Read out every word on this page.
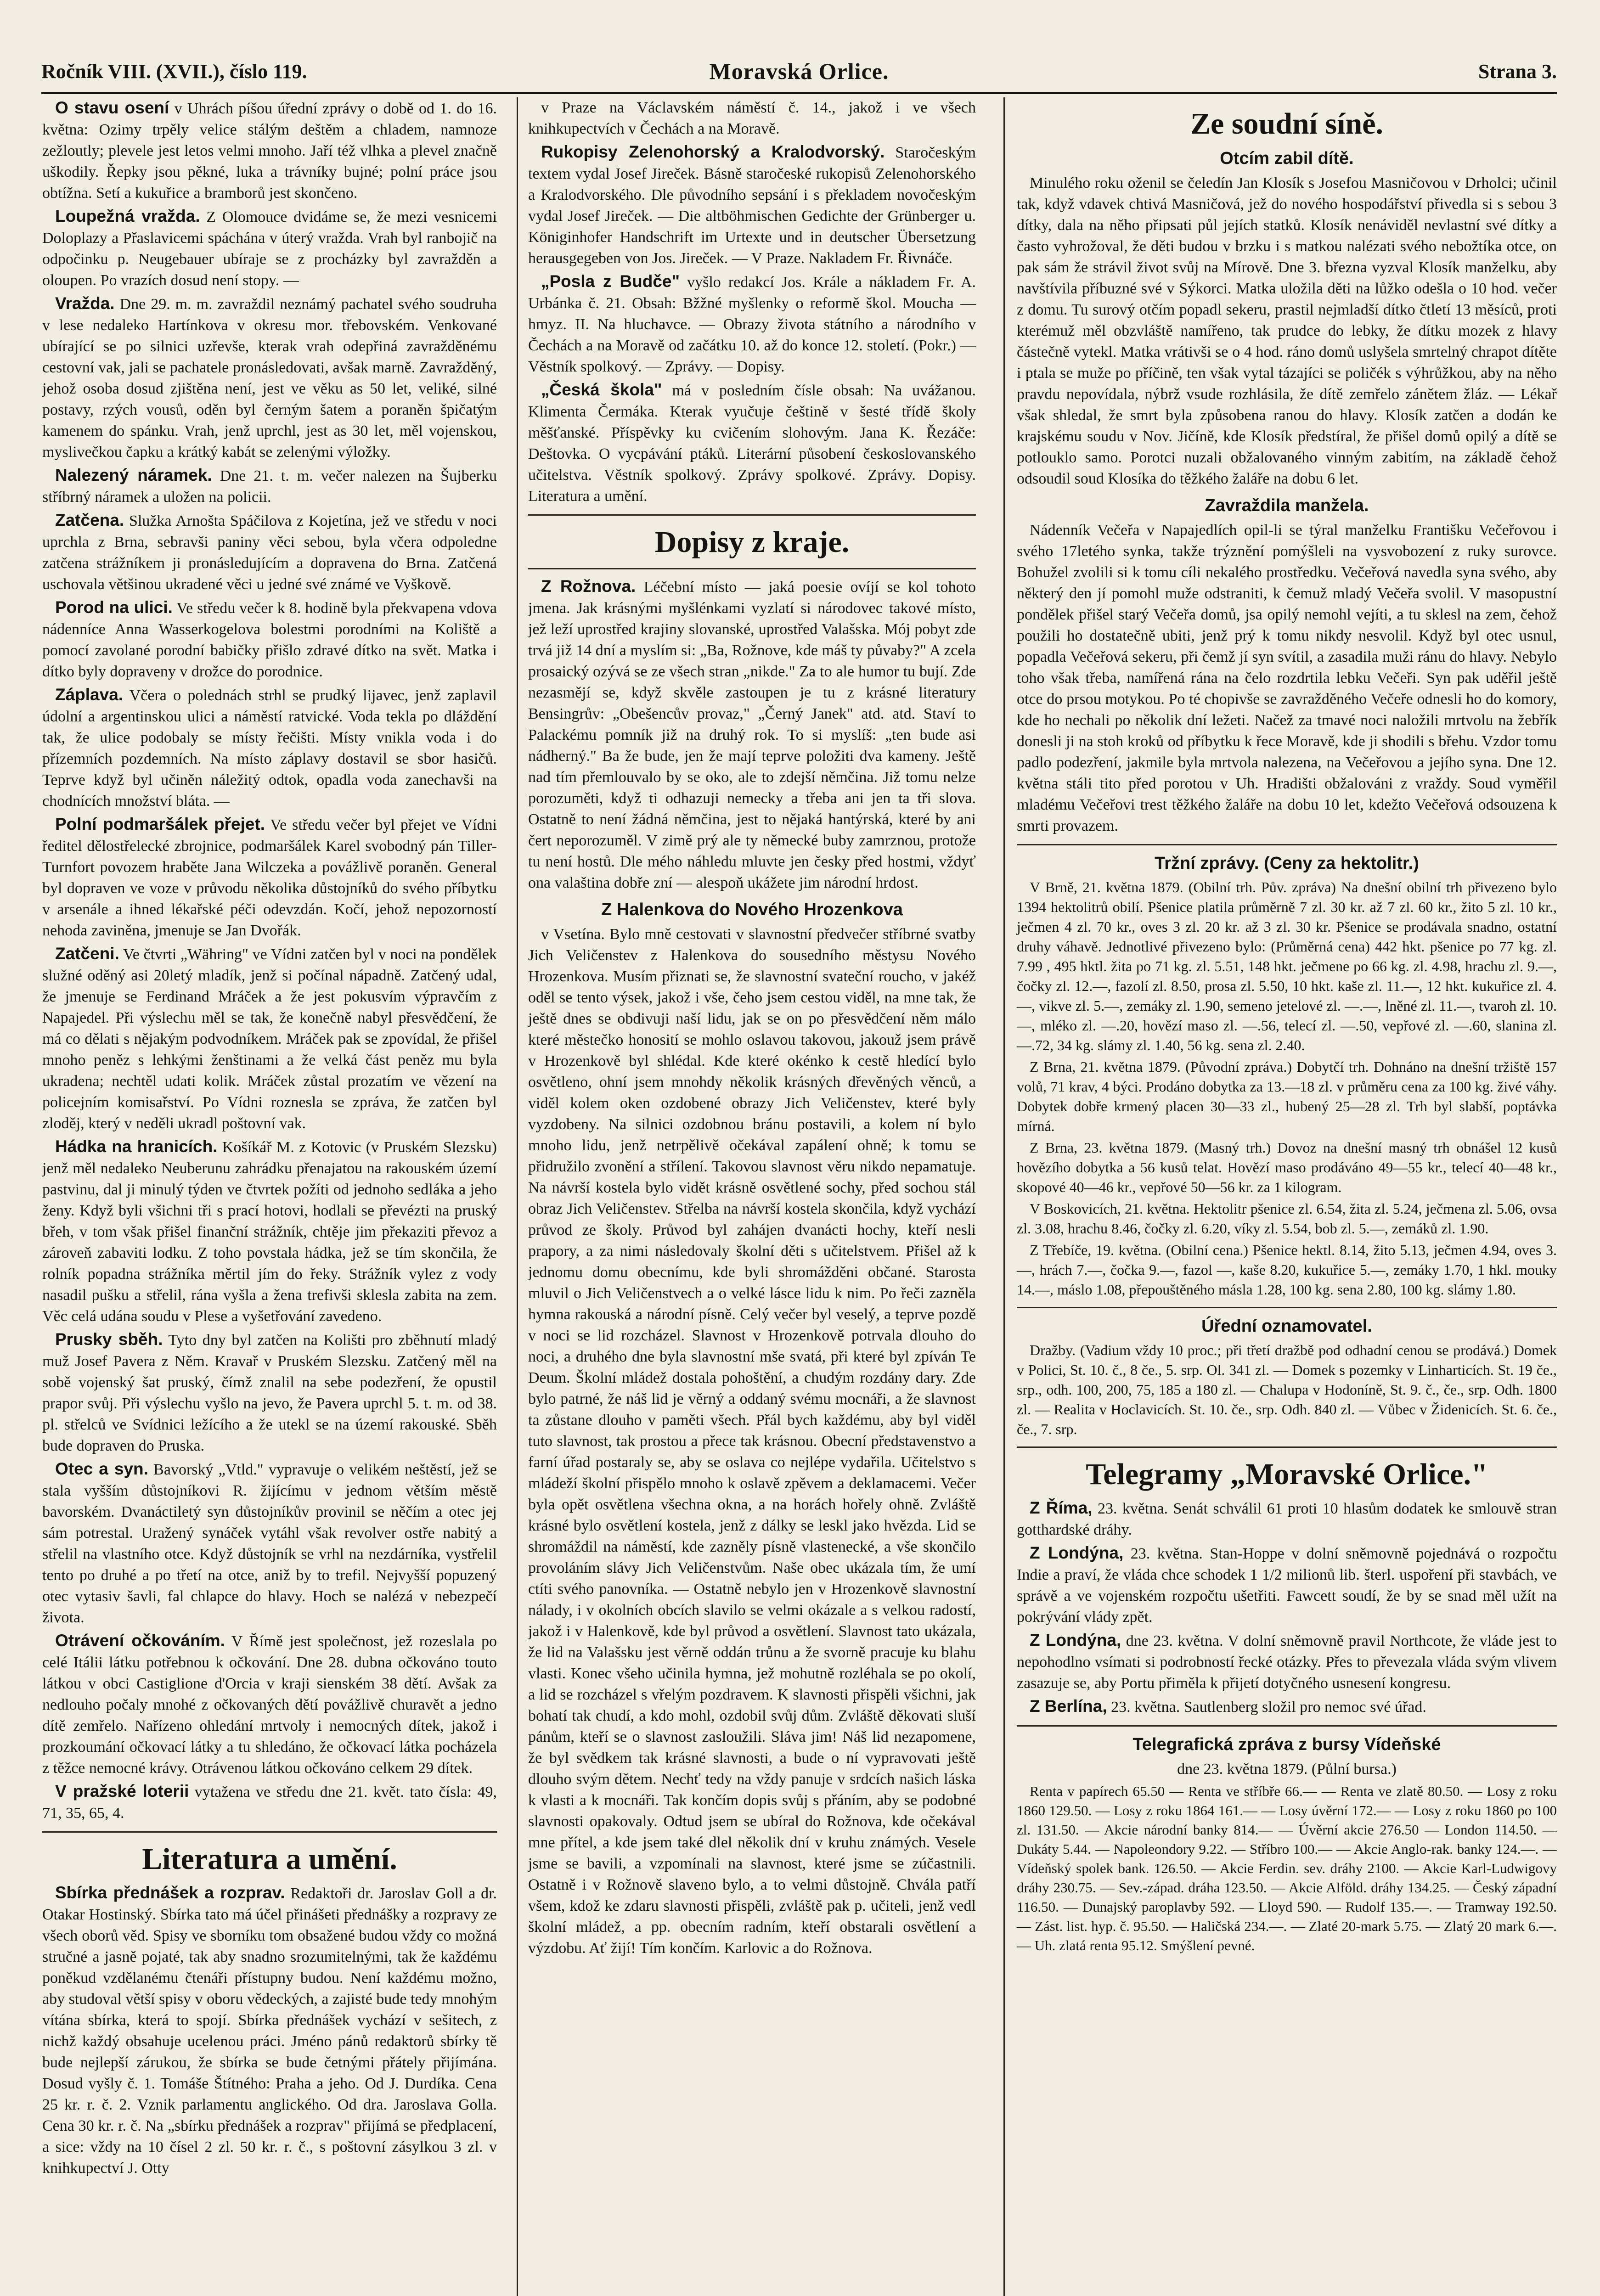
Ročník VIII. (XVII.), číslo 119.	Moravská Orlice.	Strana 3.

O stavu osení v Uhrách píšou úřední zprávy o době od 1. do 16. května: Ozimy trpěly velice stálým deštěm a chladem, namnoze zežloutly; plevele jest letos velmi mnoho. Jaří též vlhka a plevel značně uškodily. Řepky jsou pěkné, luka a trávníky bujné; polní práce jsou obtížna. Setí a kukuřice a bramborů jest skončeno.

Loupežná vražda. Z Olomouce dvidáme se, že mezi vesnicemi Doloplazy a Přaslavicemi spáchána v úterý vražda. Vrah byl ranbojič na odpočinku p. Neugebauer ubíraje se z procházky byl zavražděn a oloupen. Po vrazích dosud není stopy. —

Vražda. Dne 29. m. m. zavraždil neznámý pachatel svého soudruha v lese nedaleko Hartínkova v okresu mor. třebovském. Venkované ubírající se po silnici uzřevše, kterak vrah odepřiná zavražděnému cestovní vak, jali se pachatele pronásledovati, avšak marně. Zavražděný, jehož osoba dosud zjištěna není, jest ve věku as 50 let, veliké, silné postavy, rzých vousů, oděn byl černým šatem a poraněn špičatým kamenem do spánku. Vrah, jenž uprchl, jest as 30 let, měl vojenskou, myslivečkou čapku a krátký kabát se zelenými výložky.

Nalezený náramek. Dne 21. t. m. večer nalezen na Šujberku stříbrný náramek a uložen na policii.

Zatčena. Služka Arnošta Spáčilova z Kojetína, jež ve středu v noci uprchla z Brna, sebravši paniny věci sebou, byla včera odpoledne zatčena strážníkem ji pronásledujícím a dopravena do Brna. Zatčená uschovala většinou ukradené věci u jedné své známé ve Vyškově.

Porod na ulici. Ve středu večer k 8. hodině byla překvapena vdova nádenníce Anna Wasserkogelova bolestmi porodními na Koliště a pomocí zavolané porodní babičky přišlo zdravé dítko na svět. Matka i dítko byly dopraveny v drožce do porodnice.

Záplava. Včera o polednách strhl se prudký lijavec, jenž zaplavil údolní a argentinskou ulici a náměstí ratvické. Voda tekla po dláždění tak, že ulice podobaly se místy řečišti. Místy vnikla voda i do přízemních pozdemních. Na místo záplavy dostavil se sbor hasičů. Teprve když byl učiněn náležitý odtok, opadla voda zanechavši na chodnících množství bláta. —

Polní podmaršálek přejet. Ve středu večer byl přejet ve Vídni ředitel dělostřelecké zbrojnice, podmaršálek Karel svobodný pán Tiller-Turnfort povozem hraběte Jana Wilczeka a povážlivě poraněn. General byl dopraven ve voze v průvodu několika důstojníků do svého příbytku v arsenále a ihned lékařské péči odevzdán. Kočí, jehož nepozorností nehoda zaviněna, jmenuje se Jan Dvořák.

Zatčeni. Ve čtvrti „Währing" ve Vídni zatčen byl v noci na pondělek služné oděný asi 20letý mladík, jenž si počínal nápadně. Zatčený udal, že jmenuje se Ferdinand Mráček a že jest pokusvím výpravčím z Napajedel. Při výslechu měl se tak, že konečně nabyl přesvědčení, že má co dělati s nějakým podvodníkem. Mráček pak se zpovídal, že přišel mnoho peněz s lehkými ženštinami a že velká část peněz mu byla ukradena; nechtěl udati kolik. Mráček zůstal prozatím ve vězení na policejním komisařství. Po Vídni roznesla se zpráva, že zatčen byl zloděj, který v neděli ukradl poštovní vak.

Hádka na hranicích. Košíkář M. z Kotovic (v Pruském Slezsku) jenž měl nedaleko Neuberunu zahrádku přenajatou na rakouském území pastvinu, dal ji minulý týden ve čtvrtek požíti od jednoho sedláka a jeho ženy. Když byli všichni tři s prací hotovi, hodlali se převézti na pruský břeh, v tom však přišel finanční strážník, chtěje jim překaziti převoz a zároveň zabaviti lodku. Z toho povstala hádka, jež se tím skončila, že rolník popadna strážníka měrtil jím do řeky. Strážník vylez z vody nasadil pušku a střelil, rána vyšla a žena trefivši sklesla zabita na zem. Věc celá udána soudu v Plese a vyšetřování zavedeno.

Prusky sběh. Tyto dny byl zatčen na Kolišti pro zběhnutí mladý muž Josef Pavera z Něm. Kravař v Pruském Slezsku. Zatčený měl na sobě vojenský šat pruský, čímž znalil na sebe podezření, že opustil prapor svůj. Při výslechu vyšlo na jevo, že Pavera uprchl 5. t. m. od 38. pl. střelců ve Svídnici ležícího a že utekl se na území rakouské. Sběh bude dopraven do Pruska.

Otec a syn. Bavorský „Vtld." vypravuje o velikém neštěstí, jež se stala vyšším důstojníkovi R. žijícímu v jednom větším městě bavorském. Dvanáctiletý syn důstojníkův provinil se něčím a otec jej sám potrestal. Uražený synáček vytáhl však revolver ostře nabitý a střelil na vlastního otce. Když důstojník se vrhl na nezdárníka, vystřelil tento po druhé a po třetí na otce, aniž by to trefil. Nejvyšší popuzený otec vytasiv šavli, fal chlapce do hlavy. Hoch se nalézá v nebezpečí života.

Otrávení očkováním. V Římě jest společnost, jež rozeslala po celé Itálii látku potřebnou k očkování. Dne 28. dubna očkováno touto látkou v obci Castiglione d'Orcia v kraji sienském 38 dětí. Avšak za nedlouho počaly mnohé z očkovaných dětí povážlivě churavět a jedno dítě zemřelo. Nařízeno ohledání mrtvoly i nemocných dítek, jakož i prozkoumání očkovací látky a tu shledáno, že očkovací látka pocházela z těžce nemocné krávy. Otrávenou látkou očkováno celkem 29 dítek.

V pražské loterii vytažena ve středu dne 21. květ. tato čísla: 49, 71, 35, 65, 4.

Literatura a umění.

Sbírka přednášek a rozprav. Redaktoři dr. Jaroslav Goll a dr. Otakar Hostinský. Sbírka tato má účel přinášeti přednášky a rozpravy ze všech oborů věd. Spisy ve sborníku tom obsažené budou vždy co možná stručné a jasně pojaté, tak aby snadno srozumitelnými, tak že každému poněkud vzdělanému čtenáři přístupny budou. Není každému možno, aby studoval větší spisy v oboru vědeckých, a zajisté bude tedy mnohým vítána sbírka, která to spojí. Sbírka přednášek vychází v sešitech, z nichž každý obsahuje ucelenou práci. Jméno pánů redaktorů sbírky tě bude nejlepší zárukou, že sbírka se bude četnými přátely přijímána. Dosud vyšly č. 1. Tomáše Štítného: Praha a jeho. Od J. Durdíka. Cena 25 kr. r. č. 2. Vznik parlamentu anglického. Od dra. Jaroslava Golla. Cena 30 kr. r. č. Na „sbírku přednášek a rozprav" přijímá se předplacení, a sice: vždy na 10 čísel 2 zl. 50 kr. r. č., s poštovní zásylkou 3 zl. v knihkupectví J. Otty

v Praze na Václavském náměstí č. 14., jakož i ve všech knihkupectvích v Čechách a na Moravě.

Rukopisy Zelenohorský a Kralodvorský. Staročeským textem vydal Josef Jireček. Básně staročeské rukopisů Zelenohorského a Kralodvorského. Dle původního sepsání i s překladem novočeským vydal Josef Jireček. — Die altböhmischen Gedichte der Grünberger u. Königinhofer Handschrift im Urtexte und in deutscher Übersetzung herausgegeben von Jos. Jireček. — V Praze. Nakladem Fr. Řivnáče.

„Posla z Budče" vyšlo redakcí Jos. Krále a nákladem Fr. A. Urbánka č. 21. Obsah: Bžžné myšlenky o reformě škol. Moucha — hmyz. II. Na hluchavce. — Obrazy života státního a národního v Čechách a na Moravě od začátku 10. až do konce 12. století. (Pokr.) — Věstník spolkový. — Zprávy. — Dopisy.

„Česká škola" má v posledním čísle obsah: Na uvážanou. Klimenta Čermáka. Kterak vyučuje češtině v šesté třídě školy měšťanské. Příspěvky ku cvičením slohovým. Jana K. Řezáče: Deštovka. O vycpávání ptáků. Literární působení českoslovanského učitelstva. Věstník spolkový. Zprávy spolkové. Zprávy. Dopisy. Literatura a umění.

Dopisy z kraje.

Z Rožnova. Léčební místo — jaká poesie ovíjí se kol tohoto jmena. Jak krásnými myšlénkami vyzlatí si národovec takové místo, jež leží uprostřed krajiny slovanské, uprostřed Valašska. Mój pobyt zde trvá již 14 dní a myslím si: „Ba, Rožnove, kde máš ty půvaby?" A zcela prosaický ozývá se ze všech stran „nikde." Za to ale humor tu bují. Zde nezasmějí se, když skvěle zastoupen je tu z krásné literatury Bensingrův: „Obešencův provaz," „Černý Janek" atd. atd. Staví to Palackému pomník již na druhý rok. To si myslíš: „ten bude asi nádherný." Ba že bude, jen že mají teprve položiti dva kameny. Ještě nad tím přemlouvalo by se oko, ale to zdejší němčina. Již tomu nelze porozuměti, když ti odhazuji nemecky a třeba ani jen ta tři slova. Ostatně to není žádná němčina, jest to nějaká hantýrská, které by ani čert neporozuměl. V zimě prý ale ty německé buby zamrznou, protože tu není hostů. Dle mého náhledu mluvte jen česky před hostmi, vždyť ona valaština dobře zní — alespoň ukážete jim národní hrdost.

Z Halenkova do Nového Hrozenkova

v Vsetína. Bylo mně cestovati v slavnostní předvečer stříbrné svatby Jich Veličenstev z Halenkova do sousedního městysu Nového Hrozenkova. Musím přiznati se, že slavnostní svateční roucho, v jakéž oděl se tento výsek, jakož i vše, čeho jsem cestou viděl, na mne tak, že ještě dnes se obdivuji naší lidu, jak se on po přesvědčení něm málo které městečko honosití se mohlo oslavou takovou, jakouž jsem právě v Hrozenkově byl shlédal. Kde které okénko k cestě hledící bylo osvětleno, ohní jsem mnohdy několik krásných dřevěných věnců, a viděl kolem oken ozdobené obrazy Jich Veličenstev, které byly vyzdobeny. Na silnici ozdobnou bránu postavili, a kolem ní bylo mnoho lidu, jenž netrpělivě očekával zapálení ohně; k tomu se přidružilo zvonění a střílení. Takovou slavnost věru nikdo nepamatuje. Na návrší kostela bylo vidět krásně osvětlené sochy, před sochou stál obraz Jich Veličenstev. Střelba na návrší kostela skončila, když vychází průvod ze školy. Průvod byl zahájen dvanácti hochy, kteří nesli prapory, a za nimi následovaly školní děti s učitelstvem. Přišel až k jednomu domu obecnímu, kde byli shromážděni občané. Starosta mluvil o Jich Veličenstvech a o velké lásce lidu k nim. Po řeči zazněla hymna rakouská a národní písně. Celý večer byl veselý, a teprve pozdě v noci se lid rozcházel. Slavnost v Hrozenkově potrvala dlouho do noci, a druhého dne byla slavnostní mše svatá, při které byl zpíván Te Deum. Školní mládež dostala pohoštění, a chudým rozdány dary. Zde bylo patrné, že náš lid je věrný a oddaný svému mocnáři, a že slavnost ta zůstane dlouho v paměti všech. Přál bych každému, aby byl viděl tuto slavnost, tak prostou a přece tak krásnou. Obecní představenstvo a farní úřad postaraly se, aby se oslava co nejlépe vydařila. Učitelstvo s mládeží školní přispělo mnoho k oslavě zpěvem a deklamacemi. Večer byla opět osvětlena všechna okna, a na horách hořely ohně. Zvláště krásné bylo osvětlení kostela, jenž z dálky se leskl jako hvězda. Lid se shromáždil na náměstí, kde zazněly písně vlastenecké, a vše skončilo provoláním slávy Jich Veličenstvům. Naše obec ukázala tím, že umí ctíti svého panovníka. — Ostatně nebylo jen v Hrozenkově slavnostní nálady, i v okolních obcích slavilo se velmi okázale a s velkou radostí, jakož i v Halenkově, kde byl průvod a osvětlení. Slavnost tato ukázala, že lid na Valašsku jest věrně oddán trůnu a že svorně pracuje ku blahu vlasti. Konec všeho učinila hymna, jež mohutně rozléhala se po okolí, a lid se rozcházel s vřelým pozdravem. K slavnosti přispěli všichni, jak bohatí tak chudí, a kdo mohl, ozdobil svůj dům. Zvláště děkovati sluší pánům, kteří se o slavnost zasloužili. Sláva jim! Náš lid nezapomene, že byl svědkem tak krásné slavnosti, a bude o ní vypravovati ještě dlouho svým dětem. Nechť tedy na vždy panuje v srdcích našich láska k vlasti a k mocnáři. Tak končím dopis svůj s přáním, aby se podobné slavnosti opakovaly. Odtud jsem se ubíral do Rožnova, kde očekával mne přítel, a kde jsem také dlel několik dní v kruhu známých. Vesele jsme se bavili, a vzpomínali na slavnost, které jsme se zúčastnili. Ostatně i v Rožnově slaveno bylo, a to velmi důstojně. Chvála patří všem, kdož ke zdaru slavnosti přispěli, zvláště pak p. učiteli, jenž vedl školní mládež, a pp. obecním radním, kteří obstarali osvětlení a výzdobu. Ať žijí! Tím končím. Karlovic a do Rožnova.

Ze soudní síně.
Otcím zabil dítě.

Minulého roku oženil se čeledín Jan Klosík s Josefou Masničovou v Drholci; učinil tak, když vdavek chtivá Masničová, jež do nového hospodářství přivedla si s sebou 3 dítky, dala na něho připsati půl jejích statků. Klosík nenáviděl nevlastní své dítky a často vyhrožoval, že děti budou v brzku i s matkou nalézati svého nebožtíka otce, on pak sám že strávil život svůj na Mírově. Dne 3. března vyzval Klosík manželku, aby navštívila příbuzné své v Sýkorci. Matka uložila děti na lůžko odešla o 10 hod. večer z domu. Tu surový otčím popadl sekeru, prastil nejmladší dítko čtletí 13 měsíců, proti kterémuž měl obzvláště namířeno, tak prudce do lebky, že dítku mozek z hlavy částečně vytekl. Matka vrátivši se o 4 hod. ráno domů uslyšela smrtelný chrapot dítěte i ptala se muže po příčině, ten však vytal tázajíci se poličék s výhrůžkou, aby na něho pravdu nepovídala, nýbrž vsude rozhlásila, že dítě zemřelo zánětem žláz. — Lékař však shledal, že smrt byla způsobena ranou do hlavy. Klosík zatčen a dodán ke krajskému soudu v Nov. Jičíně, kde Klosík předstíral, že přišel domů opilý a dítě se potlouklo samo. Porotci nuzali obžalovaného vinným zabitím, na základě čehož odsoudil soud Klosíka do těžkého žaláře na dobu 6 let.

Zavraždila manžela.

Nádenník Večeřa v Napajedlích opil-li se týral manželku Františku Večeřovou i svého 17letého synka, takže trýznění pomýšleli na vysvobození z ruky surovce. Bohužel zvolili si k tomu cíli nekalého prostředku. Večeřová navedla syna svého, aby některý den jí pomohl muže odstraniti, k čemuž mladý Večeřa svolil. V masopustní pondělek přišel starý Večeřa domů, jsa opilý nemohl vejíti, a tu sklesl na zem, čehož použili ho dostatečně ubiti, jenž prý k tomu nikdy nesvolil. Když byl otec usnul, popadla Večeřová sekeru, při čemž jí syn svítil, a zasadila muži ránu do hlavy. Nebylo toho však třeba, namířená rána na čelo rozdrtila lebku Večeři. Syn pak uděřil ještě otce do prsou motykou. Po té chopivše se zavražděného Večeře odnesli ho do komory, kde ho nechali po několik dní ležeti. Načež za tmavé noci naložili mrtvolu na žebřík donesli ji na stoh kroků od příbytku k řece Moravě, kde ji shodili s břehu. Vzdor tomu padlo podezření, jakmile byla mrtvola nalezena, na Večeřovou a jejího syna. Dne 12. května stáli tito před porotou v Uh. Hradišti obžalováni z vraždy. Soud vyměřil mladému Večeřovi trest těžkého žaláře na dobu 10 let, kdežto Večeřová odsouzena k smrti provazem.

Tržní zprávy. (Ceny za hektolitr.)

V Brně, 21. května 1879. (Obilní trh. Pův. zpráva) Na dnešní obilní trh přivezeno bylo 1394 hektolitrů obilí. Pšenice platila průměrně 7 zl. 30 kr. až 7 zl. 60 kr., žito 5 zl. 10 kr., ječmen 4 zl. 70 kr., oves 3 zl. 20 kr. až 3 zl. 30 kr. Pšenice se prodávala snadno, ostatní druhy váhavě. Jednotlivé přivezeno bylo: (Průměrná cena) 442 hkt. pšenice po 77 kg. zl. 7.99 , 495 hktl. žita po 71 kg. zl. 5.51, 148 hkt. ječmene po 66 kg. zl. 4.98, hrachu zl. 9.—, čočky zl. 12.—, fazolí zl. 8.50, prosa zl. 5.50, 10 hkt. kaše zl. 11.—, 12 hkt. kukuřice zl. 4.—, vikve zl. 5.—, zemáky zl. 1.90, semeno jetelové zl. —.—, lněné zl. 11.—, tvaroh zl. 10.—, mléko zl. —.20, hovězí maso zl. —.56, telecí zl. —.50, vepřové zl. —.60, slanina zl. —.72, 34 kg. slámy zl. 1.40, 56 kg. sena zl. 2.40.

Z Brna, 21. května 1879. (Původní zpráva.) Dobytčí trh. Dohnáno na dnešní tržiště 157 volů, 71 krav, 4 býci. Prodáno dobytka za 13.—18 zl. v průměru cena za 100 kg. živé váhy. Dobytek dobře krmený placen 30—33 zl., hubený 25—28 zl. Trh byl slabší, poptávka mírná.

Z Brna, 23. května 1879. (Masný trh.) Dovoz na dnešní masný trh obnášel 12 kusů hovězího dobytka a 56 kusů telat. Hovězí maso prodáváno 49—55 kr., telecí 40—48 kr., skopové 40—46 kr., vepřové 50—56 kr. za 1 kilogram.

V Boskovicích, 21. května. Hektolitr pšenice zl. 6.54, žita zl. 5.24, ječmena zl. 5.06, ovsa zl. 3.08, hrachu 8.46, čočky zl. 6.20, víky zl. 5.54, bob zl. 5.—, zemáků zl. 1.90.

Z Třebíče, 19. května. (Obilní cena.) Pšenice hektl. 8.14, žito 5.13, ječmen 4.94, oves 3.—, hrách 7.—, čočka 9.—, fazol —, kaše 8.20, kukuřice 5.—, zemáky 1.70, 1 hkl. mouky 14.—, máslo 1.08, přepouštěného másla 1.28, 100 kg. sena 2.80, 100 kg. slámy 1.80.

Úřední oznamovatel.

Dražby. (Vadium vždy 10 proc.; při třetí dražbě pod odhadní cenou se prodává.) Domek v Polici, St. 10. č., 8 če., 5. srp. Ol. 341 zl. — Domek s pozemky v Linharticích. St. 19 če., srp., odh. 100, 200, 75, 185 a 180 zl. — Chalupa v Hodoníně, St. 9. č., če., srp. Odh. 1800 zl. — Realita v Hoclavicích. St. 10. če., srp. Odh. 840 zl. — Vůbec v Židenicích. St. 6. če., če., 7. srp.

Telegramy „Moravské Orlice."

Z Říma, 23. května. Senát schválil 61 proti 10 hlasům dodatek ke smlouvě stran gotthardské dráhy.

Z Londýna, 23. května. Stan-Hoppe v dolní sněmovně pojednává o rozpočtu Indie a praví, že vláda chce schodek 1 1/2 milionů lib. šterl. uspoření při stavbách, ve správě a ve vojenském rozpočtu ušetřiti. Fawcett soudí, že by se snad měl užít na pokrývání vlády zpět.

Z Londýna, dne 23. května. V dolní sněmovně pravil Northcote, že vláde jest to nepohodlno vsímati si podrobností řecké otázky. Přes to převezala vláda svým vlivem zasazuje se, aby Portu přiměla k přijetí dotyčného usnesení kongresu.

Z Berlína, 23. května. Sautlenberg složil pro nemoc své úřad.

Telegrafická zpráva z bursy Vídeňské

dne 23. května 1879. (Půlní bursa.)

Renta v papírech 65.50 — Renta ve stříbře 66.— — Renta ve zlatě 80.50. — Losy z roku 1860 129.50. — Losy z roku 1864 161.— — Losy úvěrní 172.— — Losy z roku 1860 po 100 zl. 131.50. — Akcie národní banky 814.— — Úvěrní akcie 276.50 — London 114.50. — Dukáty 5.44. — Napoleondory 9.22. — Stříbro 100.— — Akcie Anglo-rak. banky 124.—. — Vídeňský spolek bank. 126.50. — Akcie Ferdin. sev. dráhy 2100. — Akcie Karl-Ludwigovy dráhy 230.75. — Sev.-západ. dráha 123.50. — Akcie Alföld. dráhy 134.25. — Český západní 116.50. — Dunajský paroplavby 592. — Lloyd 590. — Rudolf 135.—. — Tramway 192.50. — Zást. list. hyp. č. 95.50. — Haličská 234.—. — Zlaté 20-mark 5.75. — Zlatý 20 mark 6.—. — Uh. zlatá renta 95.12. Smýšlení pevné.
